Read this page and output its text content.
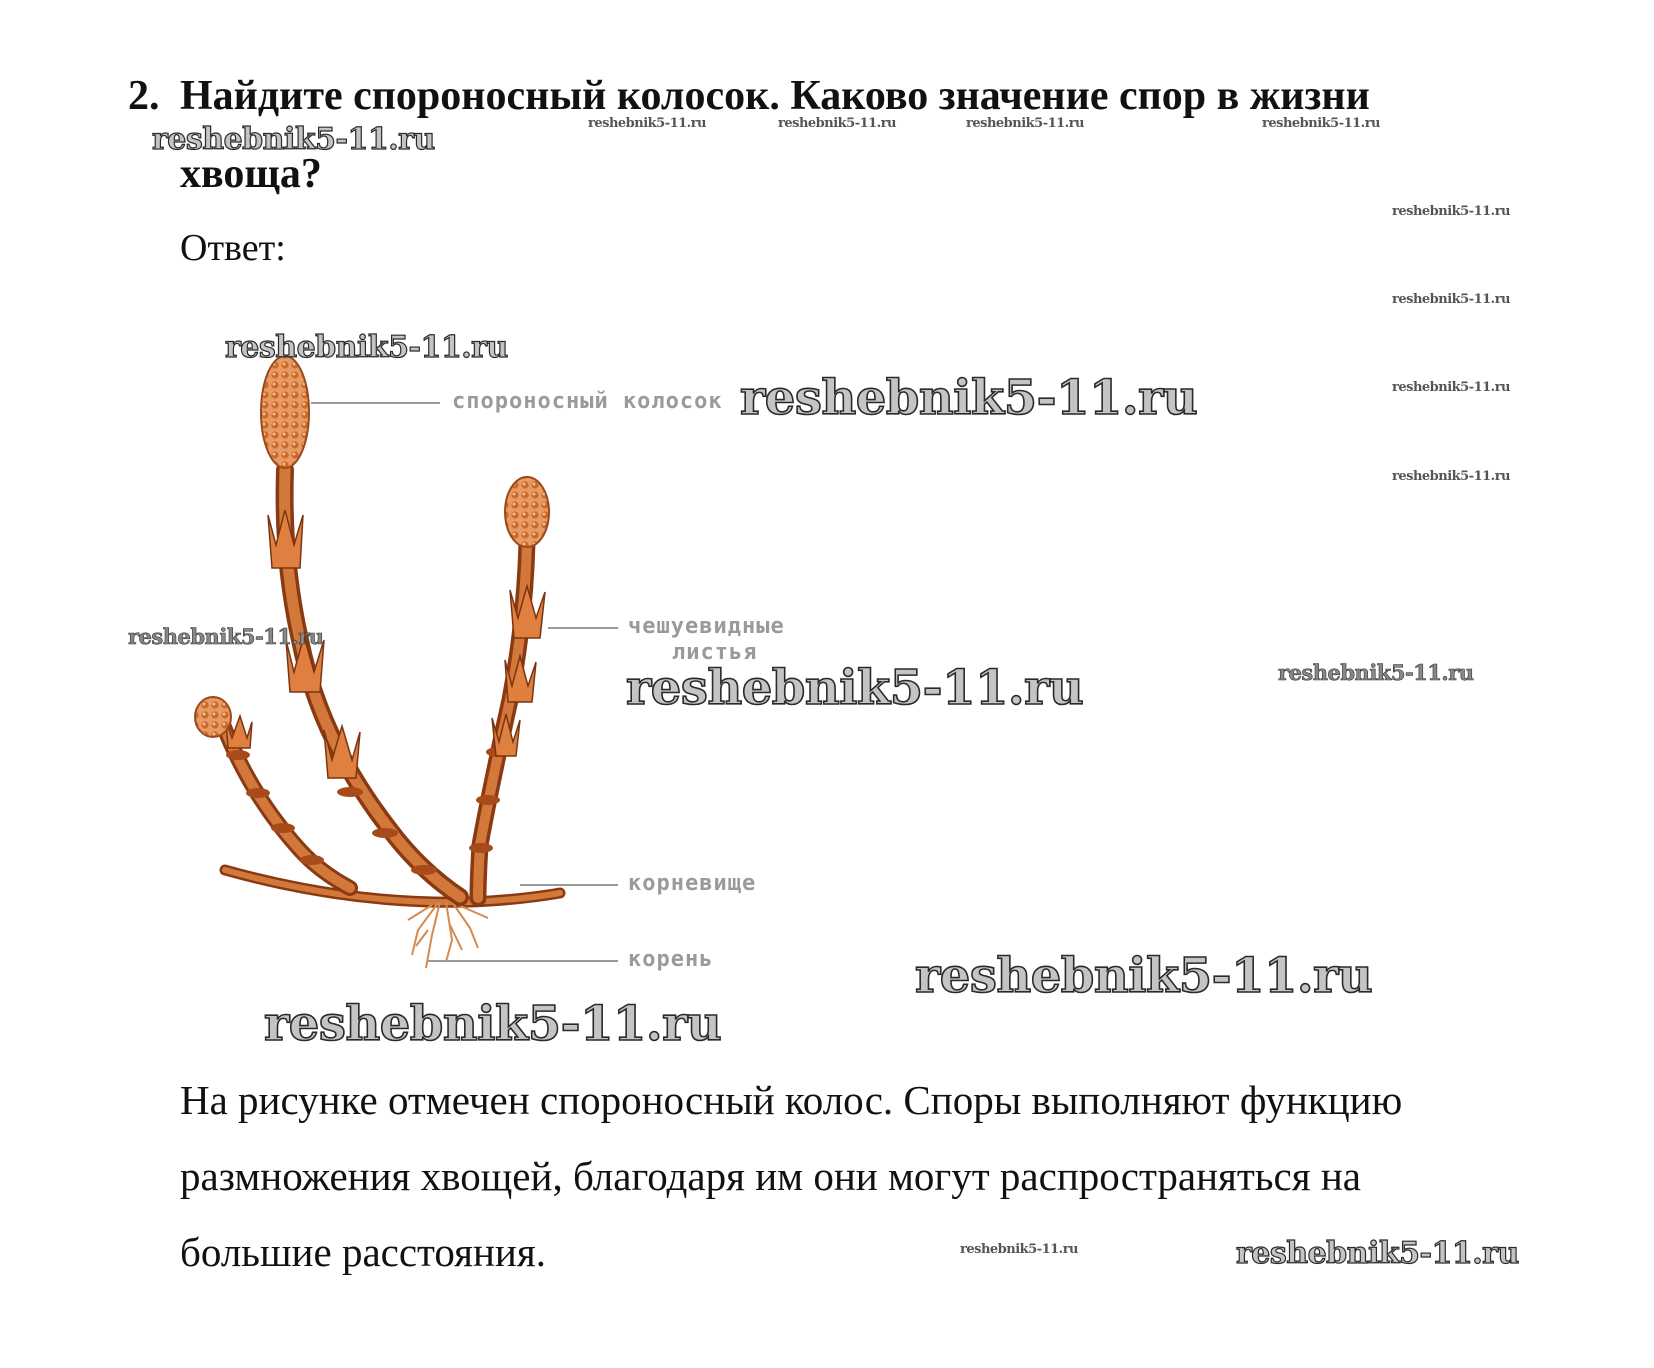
2. Найдите спороносный колосок. Каково значение спор в жизни
хвоща?
Ответ:
спороносный колосок
чешуевидные
листья
корневище
корень
На рисунке отмечен спороносный колос. Споры выполняют функцию
размножения хвощей, благодаря им они могут распространяться на
большие расстояния.
reshebnik5-11.ru	reshebnik5-11.ru	reshebnik5-11.ru	reshebnik5-11.ru	reshebnik5-11.ru
reshebnik5-11.ru
reshebnik5-11.ru
reshebnik5-11.ru
reshebnik5-11.ru
reshebnik5-11.ru
reshebnik5-11.ru
reshebnik5-11.ru
reshebnik5-11.ru	reshebnik5-11.ru
reshebnik5-11.ru
reshebnik5-11.ru
reshebnik5-11.ru	reshebnik5-11.ru
